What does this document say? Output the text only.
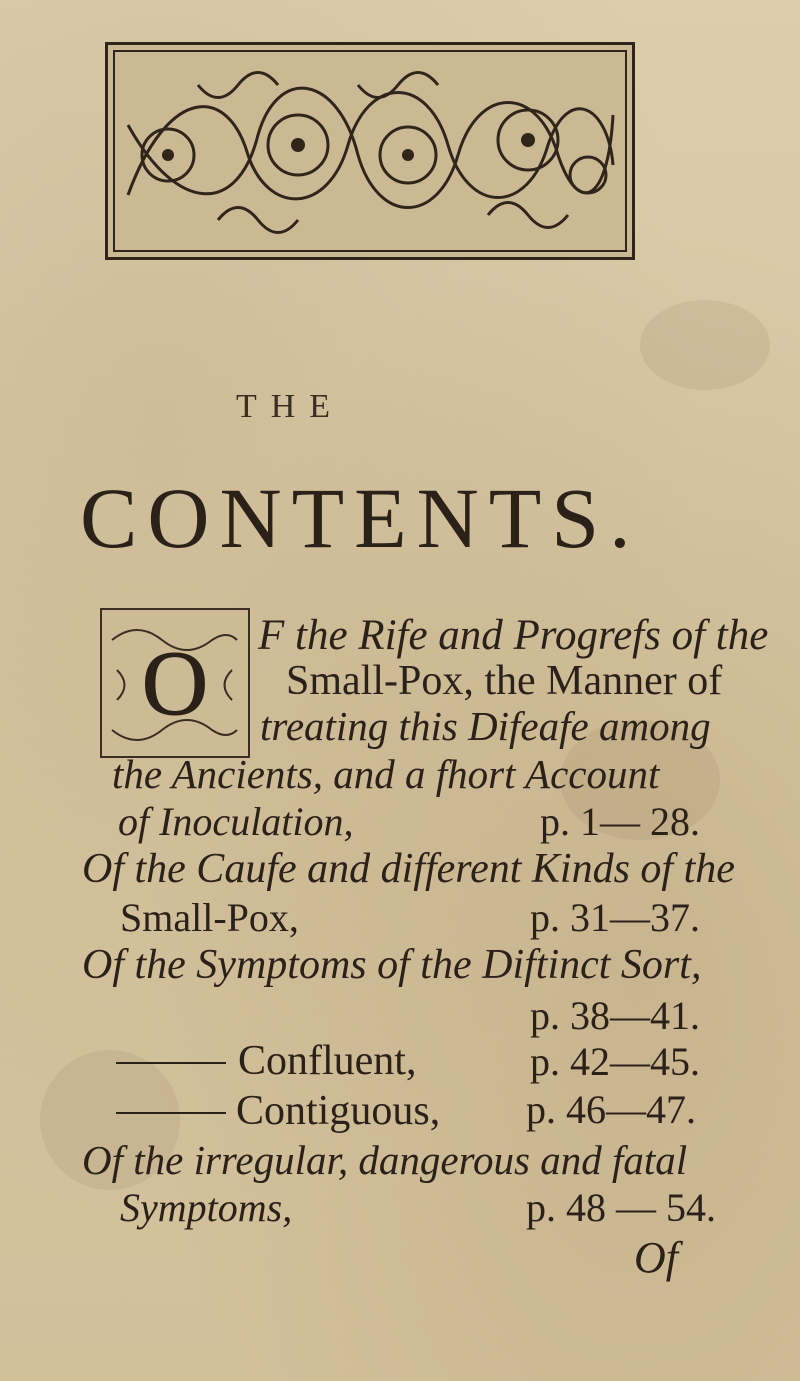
THE
CONTENTS.
O F the Rife and Progrefs of the
Small-Pox, the Manner of
treating this Difeafe among
the Ancients, and a fhort Account
of Inoculation,	p. 1— 28.
Of the Caufe and different Kinds of the
Small-Pox,	p. 31—37.
Of the Symptoms of the Diftinct Sort,
p. 38—41.
Confluent,	p. 42—45.
Contiguous, p. 46—47.
Of the irregular, dangerous and fatal
Symptoms,	p. 48 — 54.
Of
